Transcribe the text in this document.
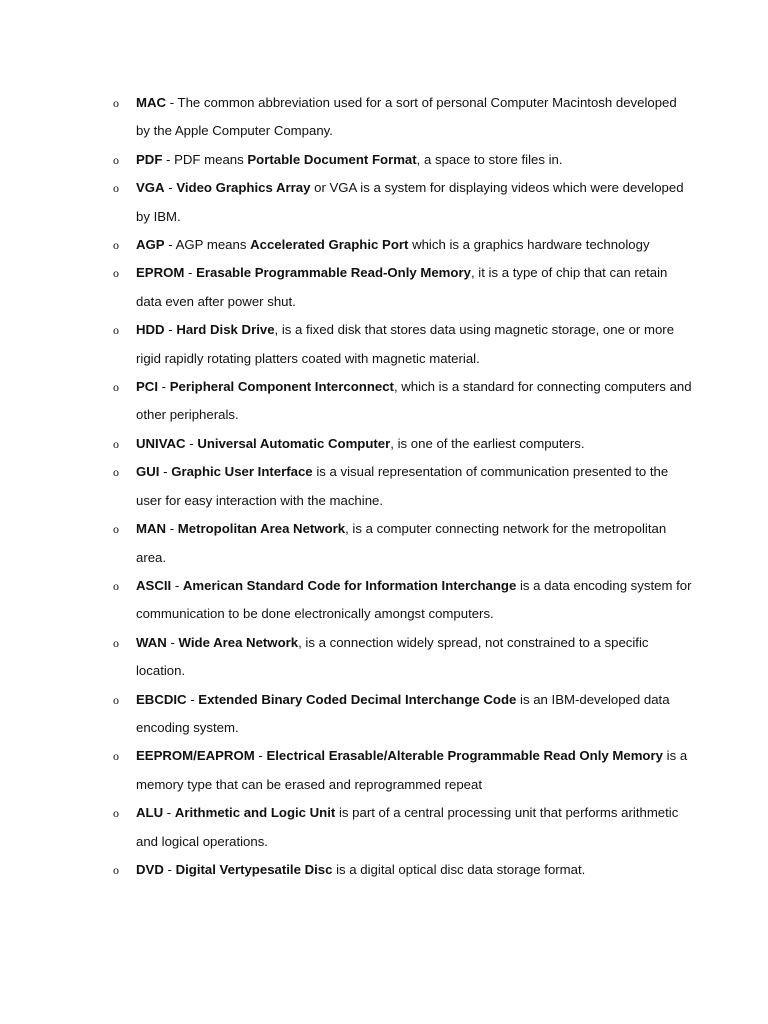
o MAC - The common abbreviation used for a sort of personal Computer Macintosh developed by the Apple Computer Company.
o PDF - PDF means Portable Document Format, a space to store files in.
o VGA - Video Graphics Array or VGA is a system for displaying videos which were developed by IBM.
o AGP - AGP means Accelerated Graphic Port which is a graphics hardware technology
o EPROM - Erasable Programmable Read-Only Memory, it is a type of chip that can retain data even after power shut.
o HDD - Hard Disk Drive, is a fixed disk that stores data using magnetic storage, one or more rigid rapidly rotating platters coated with magnetic material.
o PCI - Peripheral Component Interconnect, which is a standard for connecting computers and other peripherals.
o UNIVAC - Universal Automatic Computer, is one of the earliest computers.
o GUI - Graphic User Interface is a visual representation of communication presented to the user for easy interaction with the machine.
o MAN - Metropolitan Area Network, is a computer connecting network for the metropolitan area.
o ASCII - American Standard Code for Information Interchange is a data encoding system for communication to be done electronically amongst computers.
o WAN - Wide Area Network, is a connection widely spread, not constrained to a specific location.
o EBCDIC - Extended Binary Coded Decimal Interchange Code is an IBM-developed data encoding system.
o EEPROM/EAPROM - Electrical Erasable/Alterable Programmable Read Only Memory is a memory type that can be erased and reprogrammed repeat
o ALU - Arithmetic and Logic Unit is part of a central processing unit that performs arithmetic and logical operations.
o DVD - Digital Vertypesatile Disc is a digital optical disc data storage format.
